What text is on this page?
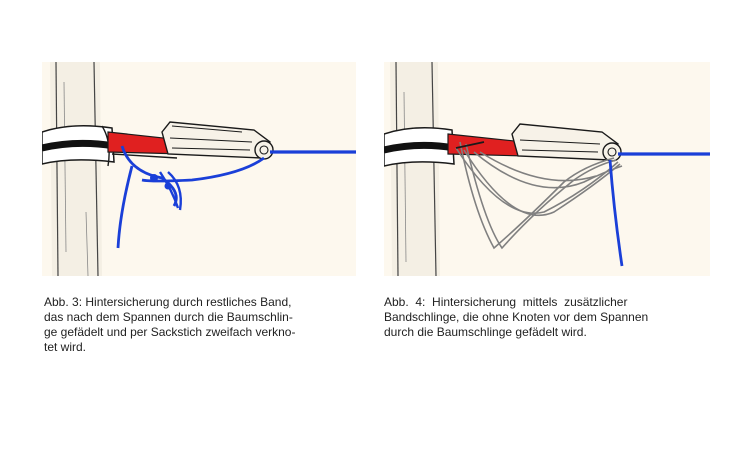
Abb. 3: Hintersicherung durch restliches Band,
das nach dem Spannen durch die Baumschlin-
ge gefädelt und per Sackstich zweifach verkno-
tet wird.
Abb.  4:  Hintersicherung  mittels  zusätzlicher
Bandschlinge, die ohne Knoten vor dem Spannen
durch die Baumschlinge gefädelt wird.
